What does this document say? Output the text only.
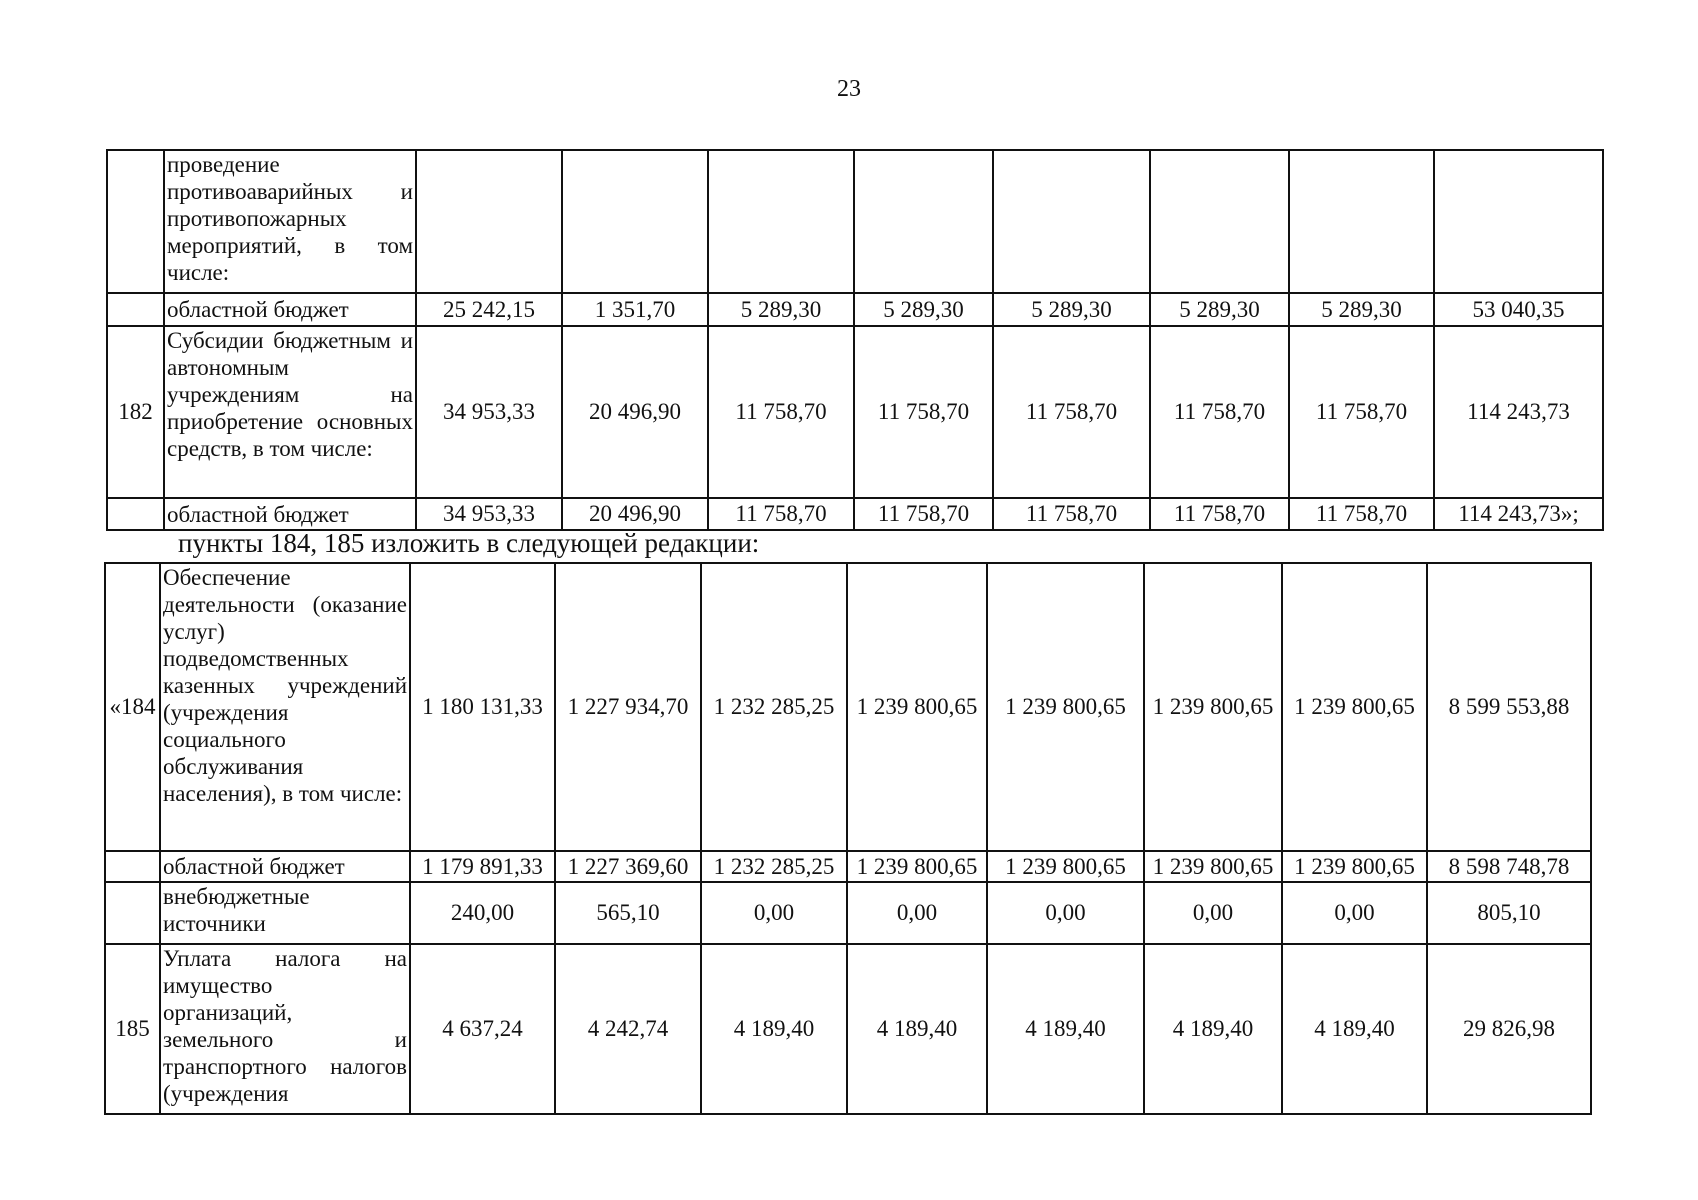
23
	проведение противоаварийных и противопожарных мероприятий, в том числе:								
	областной бюджет	25 242,15	1 351,70	5 289,30	5 289,30	5 289,30	5 289,30	5 289,30	53 040,35
182	Субсидии бюджетным и автономным учреждениям на приобретение основных средств, в том числе:	34 953,33	20 496,90	11 758,70	11 758,70	11 758,70	11 758,70	11 758,70	114 243,73
	областной бюджет	34 953,33	20 496,90	11 758,70	11 758,70	11 758,70	11 758,70	11 758,70	114 243,73»;
пункты 184, 185 изложить в следующей редакции:
«184	Обеспечение деятельности (оказание услуг) подведомственных казенных учреждений (учреждения социального обслуживания населения), в том числе:	1 180 131,33	1 227 934,70	1 232 285,25	1 239 800,65	1 239 800,65	1 239 800,65	1 239 800,65	8 599 553,88
	областной бюджет	1 179 891,33	1 227 369,60	1 232 285,25	1 239 800,65	1 239 800,65	1 239 800,65	1 239 800,65	8 598 748,78
	внебюджетные источники	240,00	565,10	0,00	0,00	0,00	0,00	0,00	805,10
185	Уплата налога на имущество организаций, земельного и транспортного налогов (учреждения	4 637,24	4 242,74	4 189,40	4 189,40	4 189,40	4 189,40	4 189,40	29 826,98
